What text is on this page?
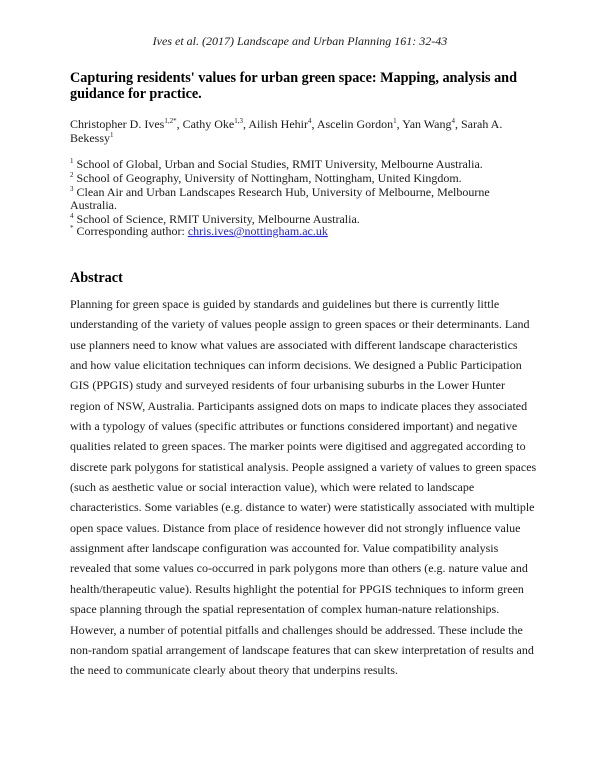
Ives et al. (2017) Landscape and Urban Planning 161: 32-43
Capturing residents' values for urban green space: Mapping, analysis and
guidance for practice.
Christopher D. Ives$^{1,2*}$, Cathy Oke$^{1,3}$, Ailish Hehir$^4$, Ascelin Gordon$^1$, Yan Wang$^4$, Sarah A.
Bekessy$^1$
$^1$ School of Global, Urban and Social Studies, RMIT University, Melbourne Australia.
$^2$ School of Geography, University of Nottingham, Nottingham, United Kingdom.
$^3$ Clean Air and Urban Landscapes Research Hub, University of Melbourne, Melbourne
Australia.
$^4$ School of Science, RMIT University, Melbourne Australia.
* Corresponding author: chris.ives@nottingham.ac.uk
Abstract
Planning for green space is guided by standards and guidelines but there is currently little
understanding of the variety of values people assign to green spaces or their determinants. Land
use planners need to know what values are associated with different landscape characteristics
and how value elicitation techniques can inform decisions. We designed a Public Participation
GIS (PPGIS) study and surveyed residents of four urbanising suburbs in the Lower Hunter
region of NSW, Australia. Participants assigned dots on maps to indicate places they associated
with a typology of values (specific attributes or functions considered important) and negative
qualities related to green spaces. The marker points were digitised and aggregated according to
discrete park polygons for statistical analysis. People assigned a variety of values to green spaces
(such as aesthetic value or social interaction value), which were related to landscape
characteristics. Some variables (e.g. distance to water) were statistically associated with multiple
open space values. Distance from place of residence however did not strongly influence value
assignment after landscape configuration was accounted for. Value compatibility analysis
revealed that some values co-occurred in park polygons more than others (e.g. nature value and
health/therapeutic value). Results highlight the potential for PPGIS techniques to inform green
space planning through the spatial representation of complex human-nature relationships.
However, a number of potential pitfalls and challenges should be addressed. These include the
non-random spatial arrangement of landscape features that can skew interpretation of results and
the need to communicate clearly about theory that underpins results.
